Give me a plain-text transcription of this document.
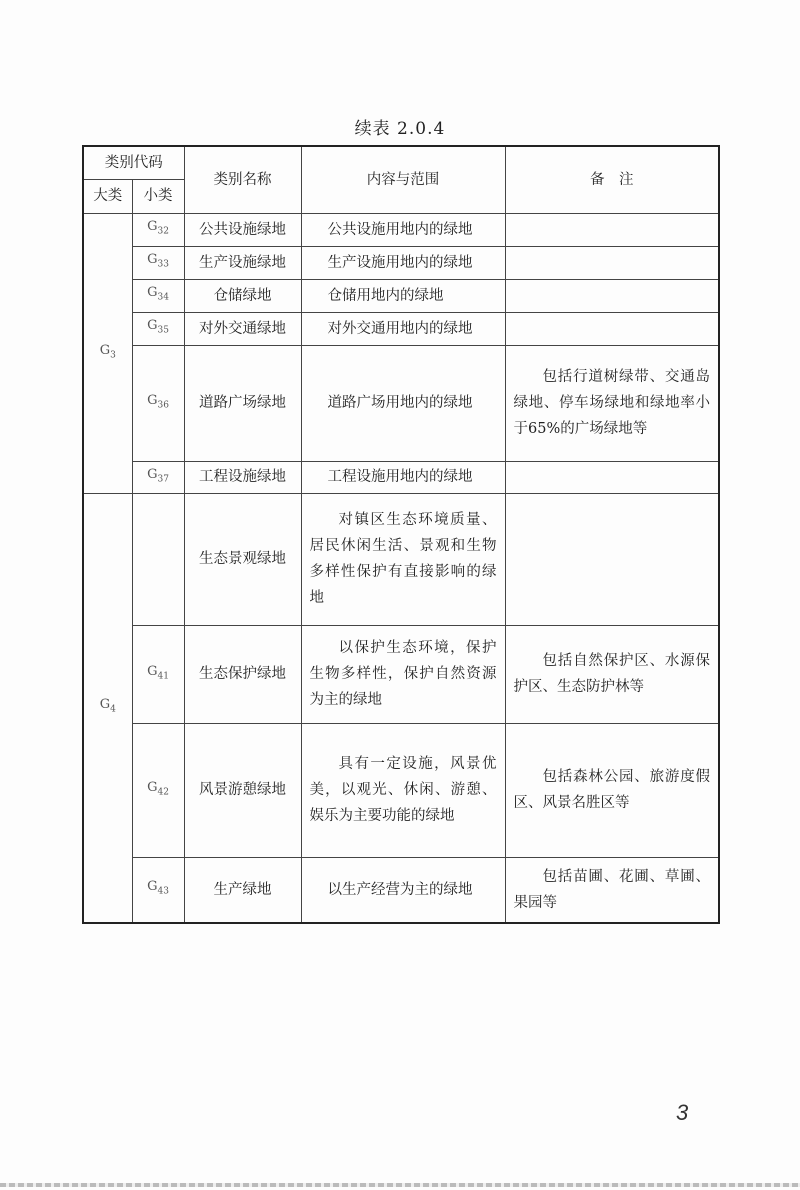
续表 2.0.4
类别代码		类别名称	内容与范围	备　注
大类	小类			
$G_3$	$G_{32}$	公共设施绿地	公共设施用地内的绿地	

	$G_{33}$	生产设施绿地	生产设施用地内的绿地	

	$G_{34}$	仓储绿地	仓储用地内的绿地	

	$G_{35}$	对外交通绿地	对外交通用地内的绿地	

	$G_{36}$	道路广场绿地	道路广场用地内的绿地	包括行道树绿带、交通岛绿地、停车场绿地和绿地率小于65%的广场绿地等

	$G_{37}$	工程设施绿地	工程设施用地内的绿地	

$G_4$		生态景观绿地	对镇区生态环境质量、居民休闲生活、景观和生物多样性保护有直接影响的绿地	

	$G_{41}$	生态保护绿地	以保护生态环境，保护生物多样性，保护自然资源为主的绿地	包括自然保护区、水源保护区、生态防护林等

	$G_{42}$	风景游憩绿地	具有一定设施，风景优美，以观光、休闲、游憩、娱乐为主要功能的绿地	包括森林公园、旅游度假区、风景名胜区等

	$G_{43}$	生产绿地	以生产经营为主的绿地	包括苗圃、花圃、草圃、果园等
3
